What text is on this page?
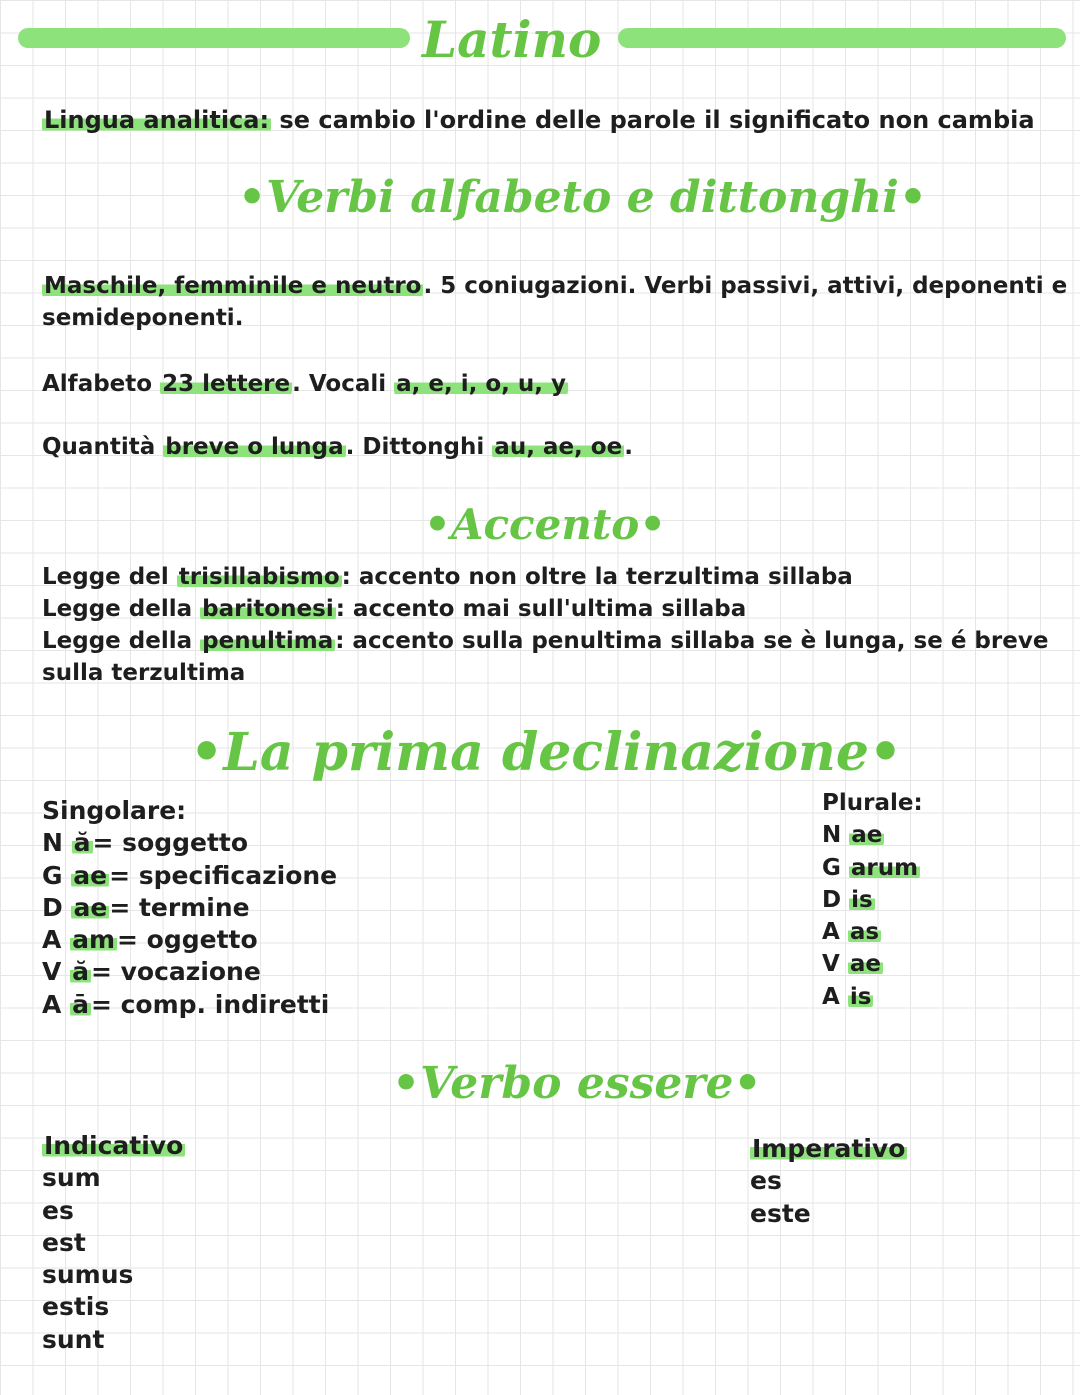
Latino
Lingua analitica: se cambio l'ordine delle parole il significato non cambia
•Verbi alfabeto e dittonghi•
Maschile, femminile e neutro. 5 coniugazioni. Verbi passivi, attivi, deponenti e
semideponenti.
Alfabeto 23 lettere. Vocali a, e, i, o, u, y
Quantità breve o lunga. Dittonghi au, ae, oe.
•Accento•
Legge del trisillabismo: accento non oltre la terzultima sillaba
Legge della baritonesi: accento mai sull'ultima sillaba
Legge della penultima: accento sulla penultima sillaba se è lunga, se é breve
sulla terzultima
•La prima declinazione•
Singolare:
N ă= soggetto
G ae= specificazione
D ae= termine
A am= oggetto
V ă= vocazione
A ā= comp. indiretti
Plurale:
N ae
G arum
D is
A as
V ae
A is
•Verbo essere•
Indicativo
sum
es
est
sumus
estis
sunt
Imperativo
es
este
